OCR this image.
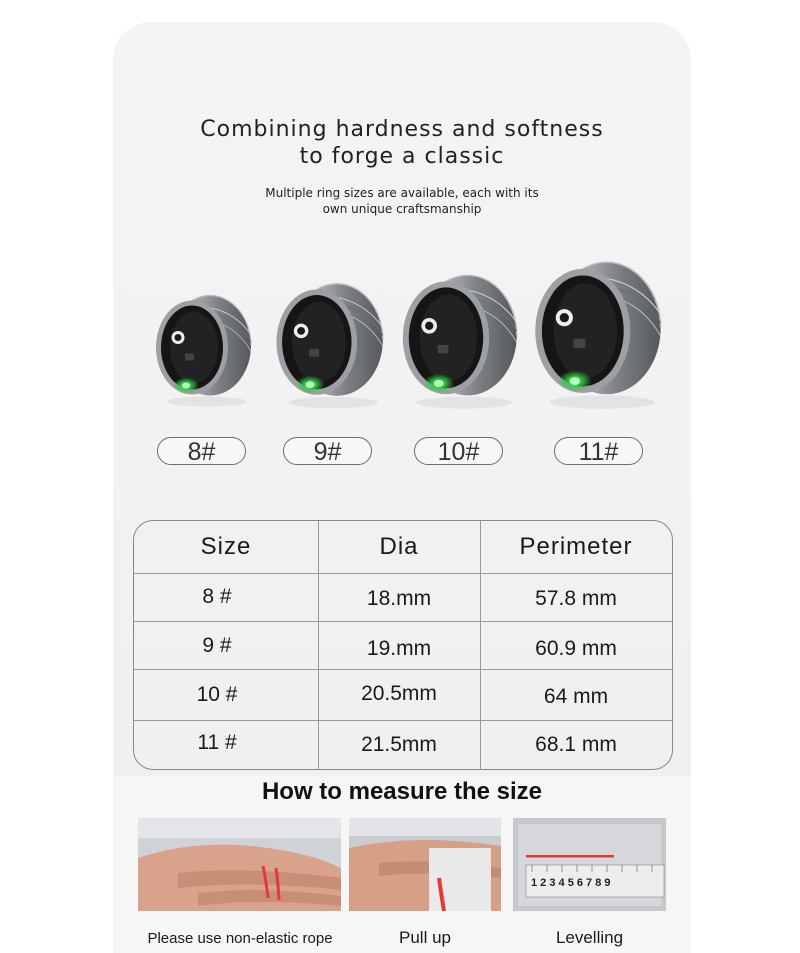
Combining hardness and softness
to forge a classic
Multiple ring sizes are available, each with its
own unique craftsmanship
8#	9#	10#	11#
Size	Dia	Perimeter
8 #	18.mm	57.8 mm
9 #	19.mm	60.9 mm
10 #	20.5mm	64 mm
11 #	21.5mm	68.1 mm
How to measure the size
1 2 3 4 5 6 7 8 9
Please use non-elastic rope	Pull up	Levelling
